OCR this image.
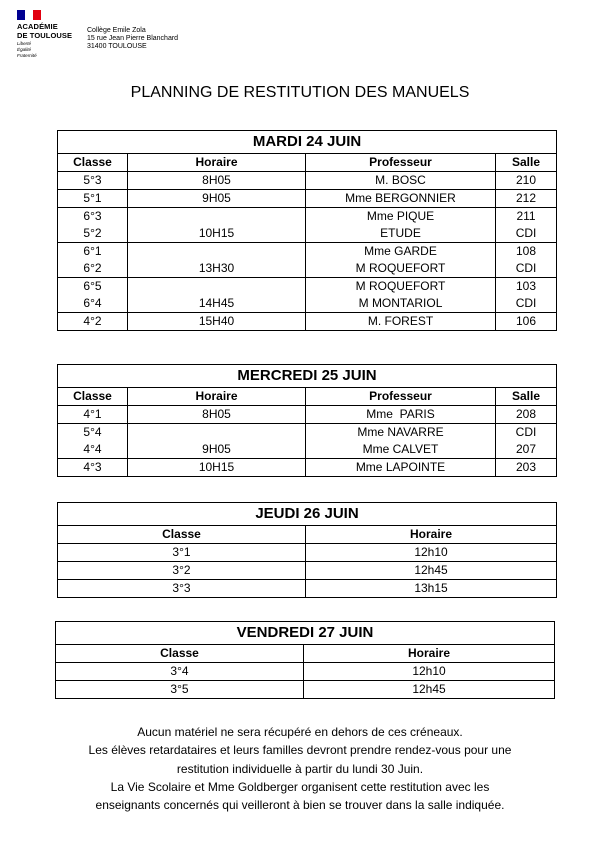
ACADÉMIE
DE TOULOUSE
Liberté
Égalité
Fraternité
Collège Emile Zola
15 rue Jean Pierre Blanchard
31400 TOULOUSE
PLANNING DE RESTITUTION DES MANUELS
MARDI 24 JUIN			
Classe	Horaire	Professeur	Salle
5°3	8H05	M. BOSC	210
5°1	9H05	Mme BERGONNIER	212
6°3		Mme PIQUE	211
5°2	10H15	ETUDE	CDI
6°1		Mme GARDE	108
6°2	13H30	M ROQUEFORT	CDI
6°5		M ROQUEFORT	103
6°4	14H45	M MONTARIOL	CDI
4°2	15H40	M. FOREST	106
MERCREDI 25 JUIN			
Classe	Horaire	Professeur	Salle
4°1	8H05	Mme  PARIS	208
5°4		Mme NAVARRE	CDI
4°4	9H05	Mme CALVET	207
4°3	10H15	Mme LAPOINTE	203
JEUDI 26 JUIN	
Classe	Horaire
3°1	12h10
3°2	12h45
3°3	13h15
VENDREDI 27 JUIN	
Classe	Horaire
3°4	12h10
3°5	12h45
Aucun matériel ne sera récupéré en dehors de ces créneaux.
Les élèves retardataires et leurs familles devront prendre rendez-vous pour une
restitution individuelle à partir du lundi 30 Juin.
La Vie Scolaire et Mme Goldberger organisent cette restitution avec les
enseignants concernés qui veilleront à bien se trouver dans la salle indiquée.
